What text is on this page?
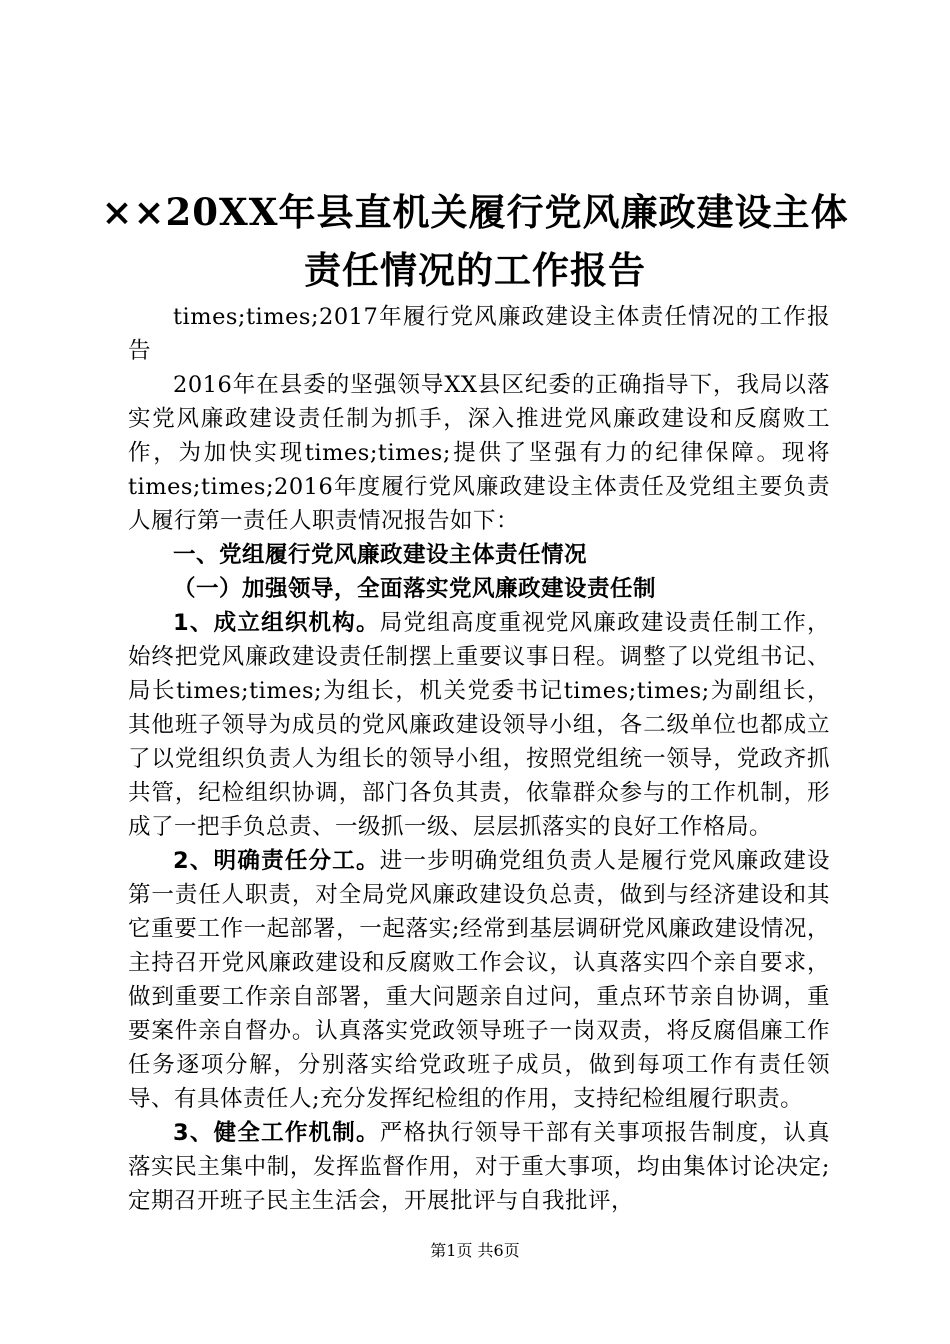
××20XX年县直机关履行党风廉政建设主体
责任情况的工作报告

times;times;2017年履行党风廉政建设主体责任情况的工作报告

2016年在县委的坚强领导XX县区纪委的正确指导下，我局以落实党风廉政建设责任制为抓手，深入推进党风廉政建设和反腐败工作，为加快实现times;times;提供了坚强有力的纪律保障。现将times;times;2016年度履行党风廉政建设主体责任及党组主要负责人履行第一责任人职责情况报告如下：

一、党组履行党风廉政建设主体责任情况

（一）加强领导，全面落实党风廉政建设责任制

1、成立组织机构。局党组高度重视党风廉政建设责任制工作，始终把党风廉政建设责任制摆上重要议事日程。调整了以党组书记、局长times;times;为组长，机关党委书记times;times;为副组长，其他班子领导为成员的党风廉政建设领导小组，各二级单位也都成立了以党组织负责人为组长的领导小组，按照党组统一领导，党政齐抓共管，纪检组织协调，部门各负其责，依靠群众参与的工作机制，形成了一把手负总责、一级抓一级、层层抓落实的良好工作格局。

2、明确责任分工。进一步明确党组负责人是履行党风廉政建设第一责任人职责，对全局党风廉政建设负总责，做到与经济建设和其它重要工作一起部署，一起落实;经常到基层调研党风廉政建设情况，主持召开党风廉政建设和反腐败工作会议，认真落实四个亲自要求，做到重要工作亲自部署，重大问题亲自过问，重点环节亲自协调，重要案件亲自督办。认真落实党政领导班子一岗双责，将反腐倡廉工作任务逐项分解，分别落实给党政班子成员，做到每项工作有责任领导、有具体责任人;充分发挥纪检组的作用，支持纪检组履行职责。

3、健全工作机制。严格执行领导干部有关事项报告制度，认真落实民主集中制，发挥监督作用，对于重大事项，均由集体讨论决定;定期召开班子民主生活会，开展批评与自我批评，

第1页 共6页
